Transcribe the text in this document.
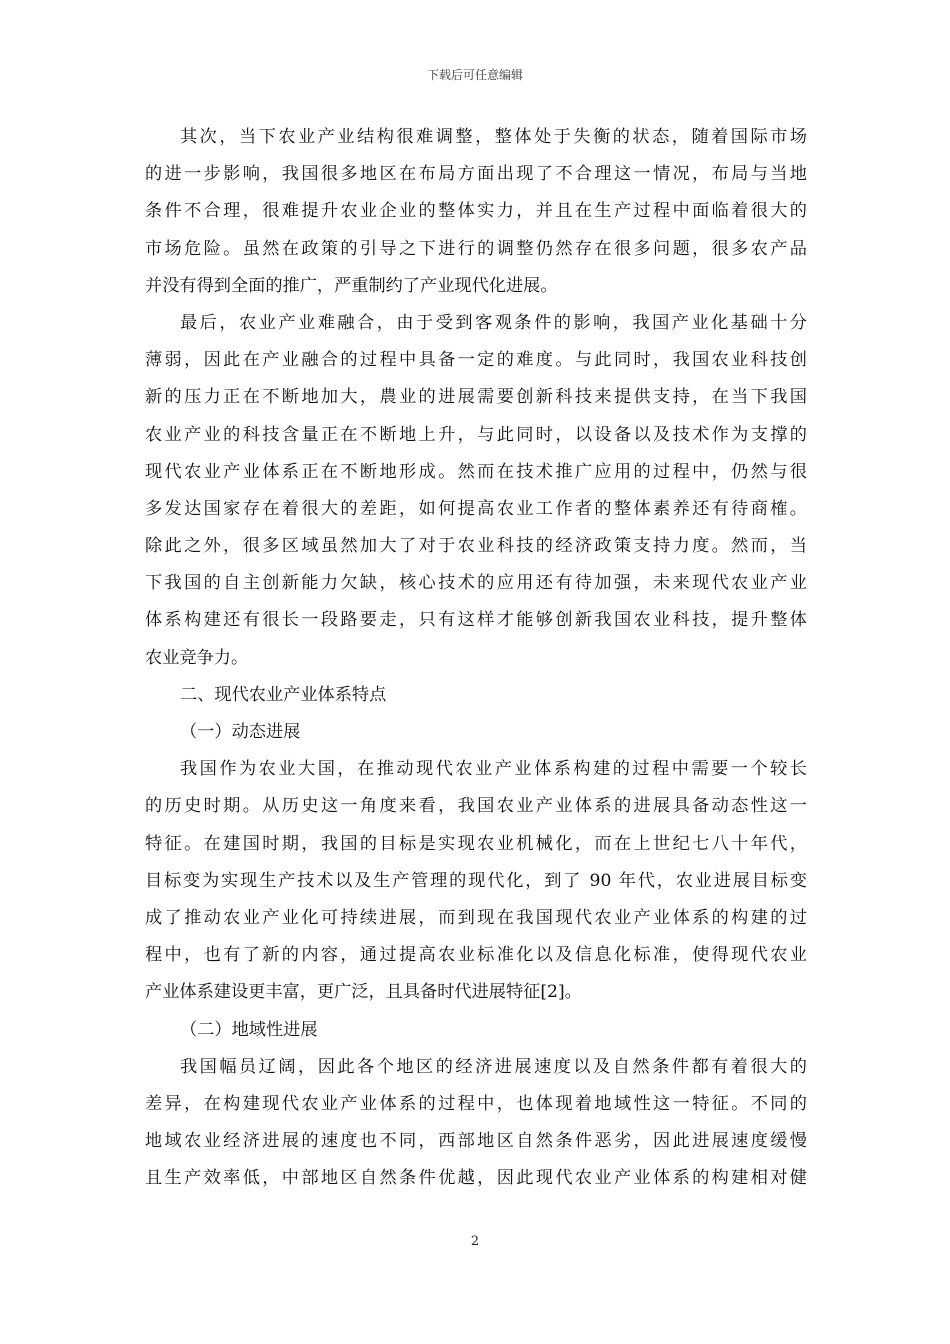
下载后可任意编辑
其次，当下农业产业结构很难调整，整体处于失衡的状态，随着国际市场
的进一步影响，我国很多地区在布局方面出现了不合理这一情况，布局与当地
条件不合理，很难提升农业企业的整体实力，并且在生产过程中面临着很大的
市场危险。虽然在政策的引导之下进行的调整仍然存在很多问题，很多农产品
并没有得到全面的推广，严重制约了产业现代化进展。
最后，农业产业难融合，由于受到客观条件的影响，我国产业化基础十分
薄弱，因此在产业融合的过程中具备一定的难度。与此同时，我国农业科技创
新的压力正在不断地加大，農业的进展需要创新科技来提供支持，在当下我国
农业产业的科技含量正在不断地上升，与此同时，以设备以及技术作为支撑的
现代农业产业体系正在不断地形成。然而在技术推广应用的过程中，仍然与很
多发达国家存在着很大的差距，如何提高农业工作者的整体素养还有待商榷。
除此之外，很多区域虽然加大了对于农业科技的经济政策支持力度。然而，当
下我国的自主创新能力欠缺，核心技术的应用还有待加强，未来现代农业产业
体系构建还有很长一段路要走，只有这样才能够创新我国农业科技，提升整体
农业竞争力。
二、现代农业产业体系特点
（一）动态进展
我国作为农业大国，在推动现代农业产业体系构建的过程中需要一个较长
的历史时期。从历史这一角度来看，我国农业产业体系的进展具备动态性这一
特征。在建国时期，我国的目标是实现农业机械化，而在上世纪七八十年代，
目标变为实现生产技术以及生产管理的现代化，到了 90 年代，农业进展目标变
成了推动农业产业化可持续进展，而到现在我国现代农业产业体系的构建的过
程中，也有了新的内容，通过提高农业标准化以及信息化标准，使得现代农业
产业体系建设更丰富，更广泛，且具备时代进展特征[2]。
（二）地域性进展
我国幅员辽阔，因此各个地区的经济进展速度以及自然条件都有着很大的
差异，在构建现代农业产业体系的过程中，也体现着地域性这一特征。不同的
地域农业经济进展的速度也不同，西部地区自然条件恶劣，因此进展速度缓慢
且生产效率低，中部地区自然条件优越，因此现代农业产业体系的构建相对健
2
